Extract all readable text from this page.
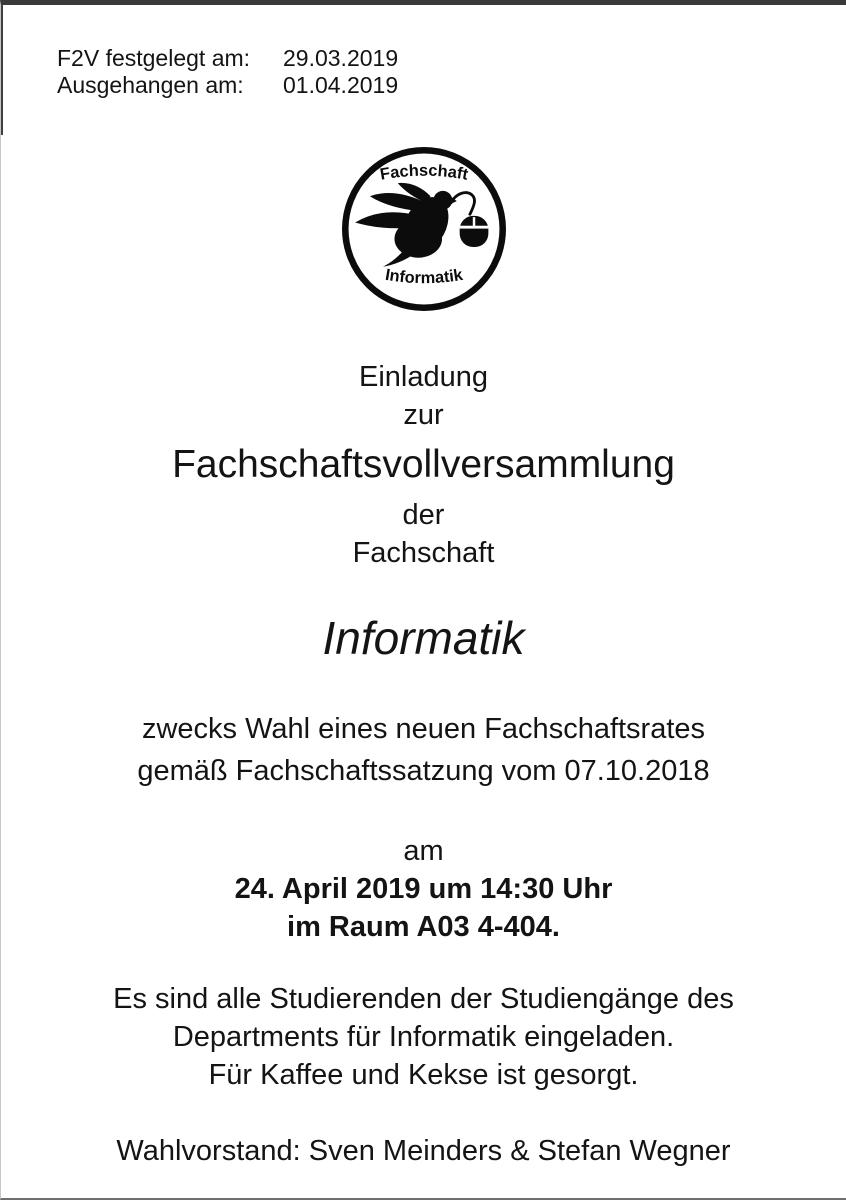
F2V festgelegt am:	29.03.2019
Ausgehangen am:	01.04.2019
Fachschaft
Informatik
Einladung
zur
Fachschaftsvollversammlung
der
Fachschaft
Informatik
zwecks Wahl eines neuen Fachschaftsrates
gemäß Fachschaftssatzung vom 07.10.2018
am
24. April 2019 um 14:30 Uhr
im Raum A03 4-404.
Es sind alle Studierenden der Studiengänge des
Departments für Informatik eingeladen.
Für Kaffee und Kekse ist gesorgt.
Wahlvorstand: Sven Meinders & Stefan Wegner
